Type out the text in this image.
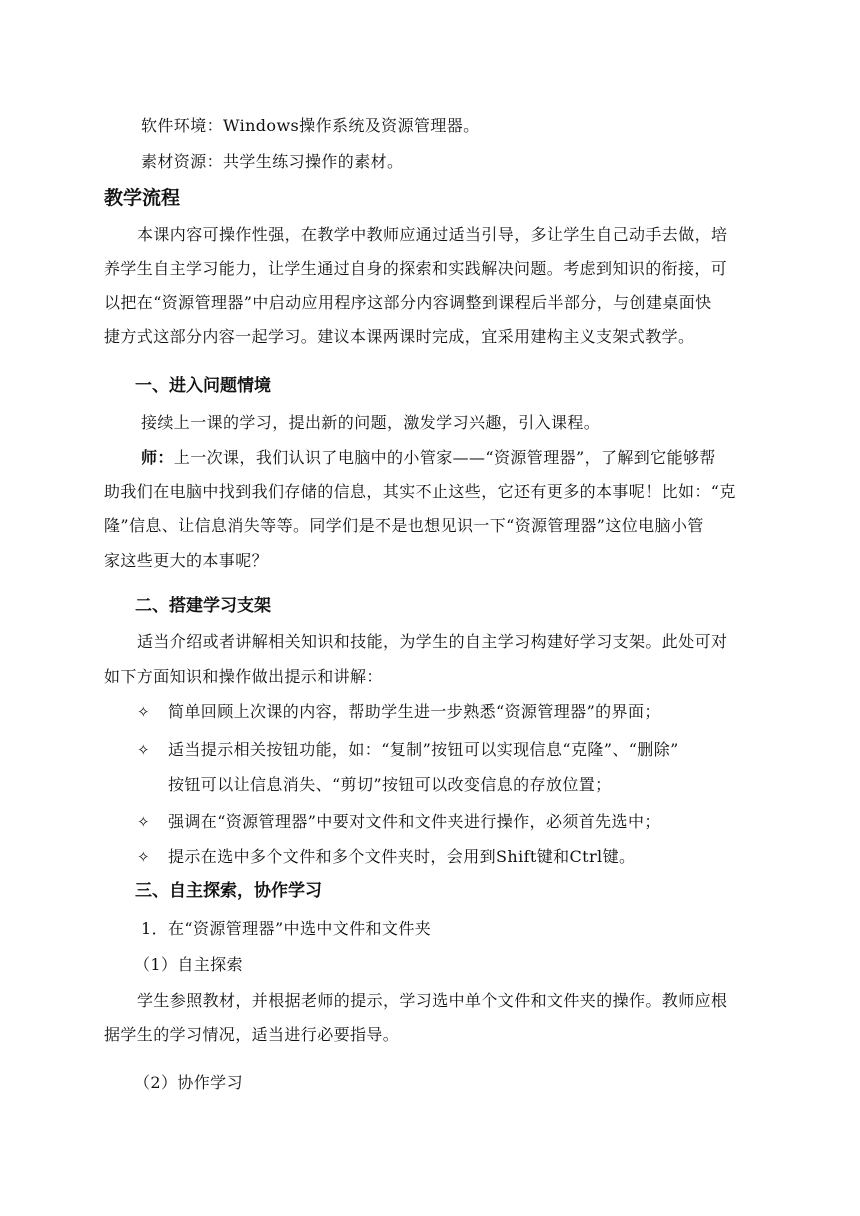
软件环境：Windows操作系统及资源管理器。
素材资源：共学生练习操作的素材。
教学流程
本课内容可操作性强，在教学中教师应通过适当引导，多让学生自己动手去做，培
养学生自主学习能力，让学生通过自身的探索和实践解决问题。考虑到知识的衔接，可
以把在“资源管理器”中启动应用程序这部分内容调整到课程后半部分，与创建桌面快
捷方式这部分内容一起学习。建议本课两课时完成，宜采用建构主义支架式教学。
一、进入问题情境
接续上一课的学习，提出新的问题，激发学习兴趣，引入课程。
师：上一次课，我们认识了电脑中的小管家——“资源管理器”，了解到它能够帮
助我们在电脑中找到我们存储的信息，其实不止这些，它还有更多的本事呢！比如：“克
隆”信息、让信息消失等等。同学们是不是也想见识一下“资源管理器”这位电脑小管
家这些更大的本事呢？
二、搭建学习支架
适当介绍或者讲解相关知识和技能，为学生的自主学习构建好学习支架。此处可对
如下方面知识和操作做出提示和讲解：
✧ 简单回顾上次课的内容，帮助学生进一步熟悉“资源管理器”的界面；
✧ 适当提示相关按钮功能，如：“复制”按钮可以实现信息“克隆”、“删除”
按钮可以让信息消失、“剪切”按钮可以改变信息的存放位置；
✧ 强调在“资源管理器”中要对文件和文件夹进行操作，必须首先选中；
✧ 提示在选中多个文件和多个文件夹时，会用到Shift键和Ctrl键。
三、自主探索，协作学习
1．在“资源管理器”中选中文件和文件夹
（1）自主探索
学生参照教材，并根据老师的提示，学习选中单个文件和文件夹的操作。教师应根
据学生的学习情况，适当进行必要指导。
（2）协作学习
